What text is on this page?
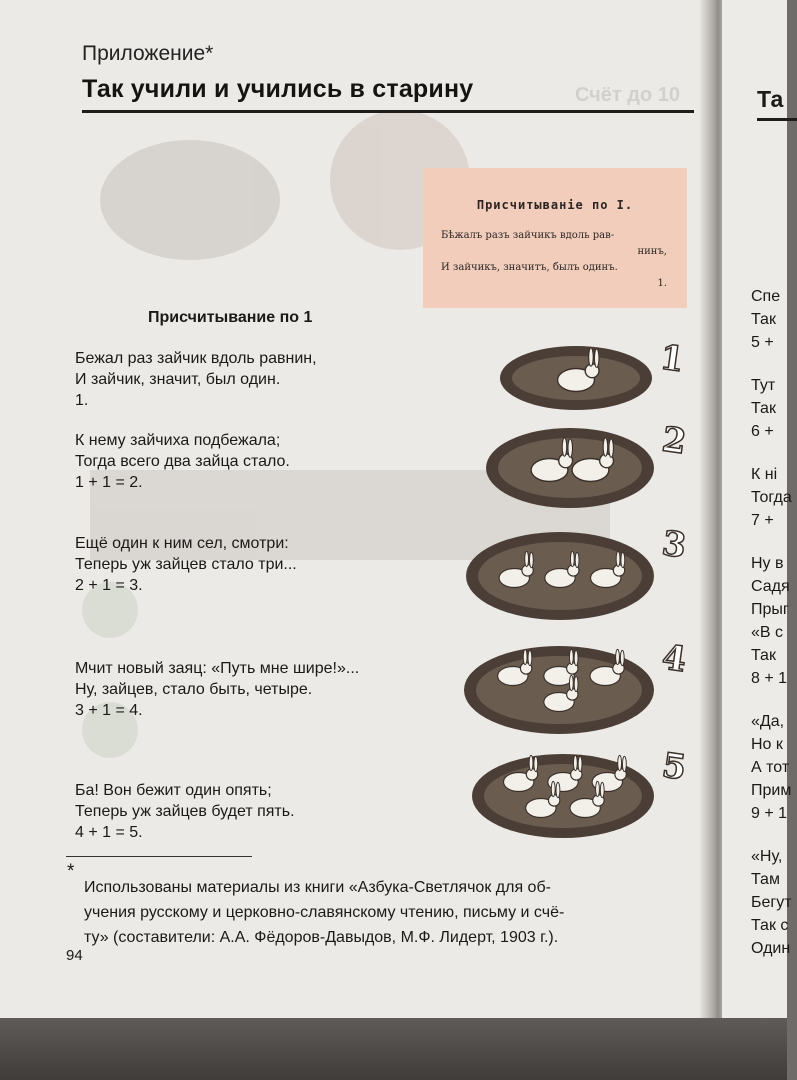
Та
Спе
Так
5 +
Тут
Так
6 +
К ні
Тогда
7 +
Ну в
Садя
Прыг
«В с
Так
8 + 1
«Да,
Но к
А тот
Прим
9 + 1
«Ну,
Там
Бегут
Так с
Один
Приложение*
Так учили и учились в старину	Счёт до 10
Присчитываніе по I.
Бѣжалъ разъ зайчикъ вдоль рав-
нинъ,
И зайчикъ, значитъ, былъ одинъ.
1.
Присчитывание по 1
Бежал раз зайчик вдоль равнин,
И зайчик, значит, был один.
1.
К нему зайчиха подбежала;
Тогда всего два зайца стало.
1 + 1 = 2.
Ещё один к ним сел, смотри:
Теперь уж зайцев стало три...
2 + 1 = 3.
Мчит новый заяц: «Путь мне шире!»...
Ну, зайцев, стало быть, четыре.
3 + 1 = 4.
Ба! Вон бежит один опять;
Теперь уж зайцев будет пять.
4 + 1 = 5.
1
2
3
4
5
*
Использованы материалы из книги «Азбука-Светлячок для об-
учения русскому и церковно-славянскому чтению, письму и счё-
ту» (составители: А.А. Фёдоров-Давыдов, М.Ф. Лидерт, 1903 г.).
94
